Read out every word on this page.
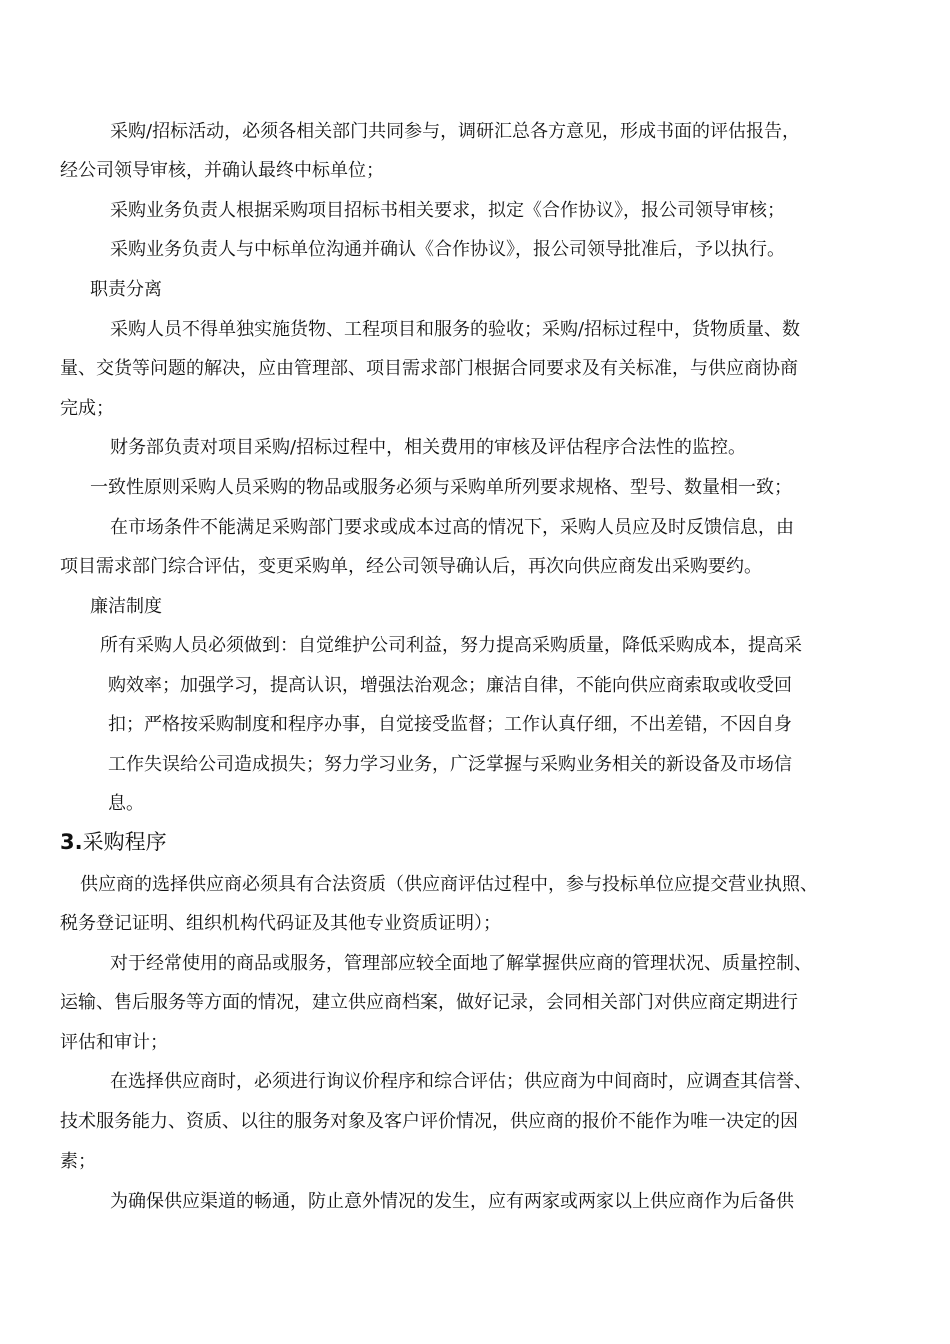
采购/招标活动，必须各相关部门共同参与，调研汇总各方意见，形成书面的评估报告，
经公司领导审核，并确认最终中标单位；
采购业务负责人根据采购项目招标书相关要求，拟定《合作协议》，报公司领导审核；
采购业务负责人与中标单位沟通并确认《合作协议》，报公司领导批准后，予以执行。
职责分离
采购人员不得单独实施货物、工程项目和服务的验收；采购/招标过程中，货物质量、数
量、交货等问题的解决，应由管理部、项目需求部门根据合同要求及有关标准，与供应商协商
完成；
财务部负责对项目采购/招标过程中，相关费用的审核及评估程序合法性的监控。
一致性原则采购人员采购的物品或服务必须与采购单所列要求规格、型号、数量相一致；
在市场条件不能满足采购部门要求或成本过高的情况下，采购人员应及时反馈信息，由
项目需求部门综合评估，变更采购单，经公司领导确认后，再次向供应商发出采购要约。
廉洁制度
所有采购人员必须做到：自觉维护公司利益，努力提高采购质量，降低采购成本，提高采
购效率；加强学习，提高认识，增强法治观念；廉洁自律，不能向供应商索取或收受回
扣；严格按采购制度和程序办事，自觉接受监督；工作认真仔细，不出差错，不因自身
工作失误给公司造成损失；努力学习业务，广泛掌握与采购业务相关的新设备及市场信
息。
3.采购程序
供应商的选择供应商必须具有合法资质（供应商评估过程中，参与投标单位应提交营业执照、
税务登记证明、组织机构代码证及其他专业资质证明）；
对于经常使用的商品或服务，管理部应较全面地了解掌握供应商的管理状况、质量控制、
运输、售后服务等方面的情况，建立供应商档案，做好记录，会同相关部门对供应商定期进行
评估和审计；
在选择供应商时，必须进行询议价程序和综合评估；供应商为中间商时，应调查其信誉、
技术服务能力、资质、以往的服务对象及客户评价情况，供应商的报价不能作为唯一决定的因
素；
为确保供应渠道的畅通，防止意外情况的发生，应有两家或两家以上供应商作为后备供
